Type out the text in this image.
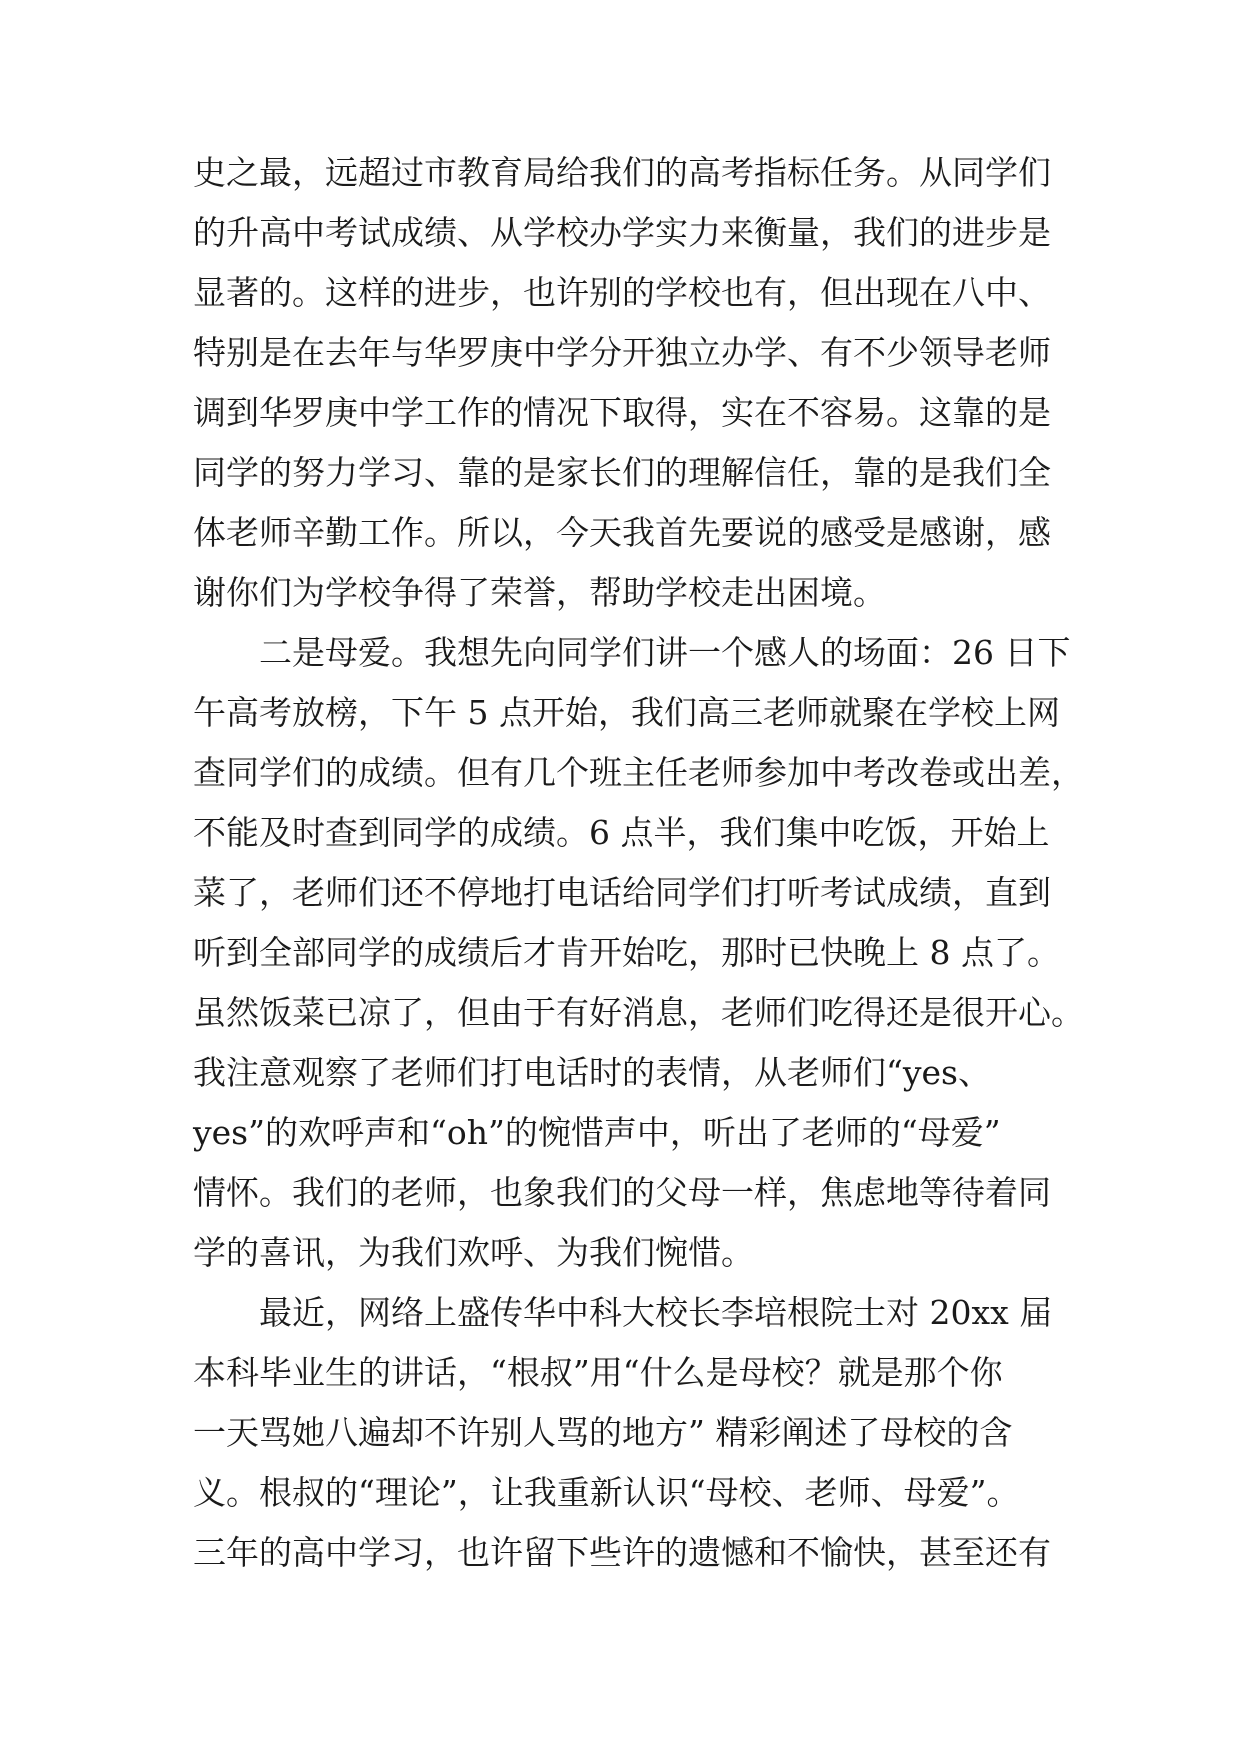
史之最，远超过市教育局给我们的高考指标任务。从同学们
的升高中考试成绩、从学校办学实力来衡量，我们的进步是
显著的。这样的进步，也许别的学校也有，但出现在八中、
特别是在去年与华罗庚中学分开独立办学、有不少领导老师
调到华罗庚中学工作的情况下取得，实在不容易。这靠的是
同学的努力学习、靠的是家长们的理解信任，靠的是我们全
体老师辛勤工作。所以，今天我首先要说的感受是感谢，感
谢你们为学校争得了荣誉，帮助学校走出困境。
　　二是母爱。我想先向同学们讲一个感人的场面：26 日下
午高考放榜，下午 5 点开始，我们高三老师就聚在学校上网
查同学们的成绩。但有几个班主任老师参加中考改卷或出差，
不能及时查到同学的成绩。6 点半，我们集中吃饭，开始上
菜了，老师们还不停地打电话给同学们打听考试成绩，直到
听到全部同学的成绩后才肯开始吃，那时已快晚上 8 点了。
虽然饭菜已凉了，但由于有好消息，老师们吃得还是很开心。
我注意观察了老师们打电话时的表情，从老师们“yes、
yes”的欢呼声和“oh”的惋惜声中，听出了老师的“母爱”
情怀。我们的老师，也象我们的父母一样，焦虑地等待着同
学的喜讯，为我们欢呼、为我们惋惜。
　　最近，网络上盛传华中科大校长李培根院士对 20xx 届
本科毕业生的讲话，“根叔”用“什么是母校？就是那个你
一天骂她八遍却不许别人骂的地方” 精彩阐述了母校的含
义。根叔的“理论”，让我重新认识“母校、老师、母爱”。
三年的高中学习，也许留下些许的遗憾和不愉快，甚至还有
